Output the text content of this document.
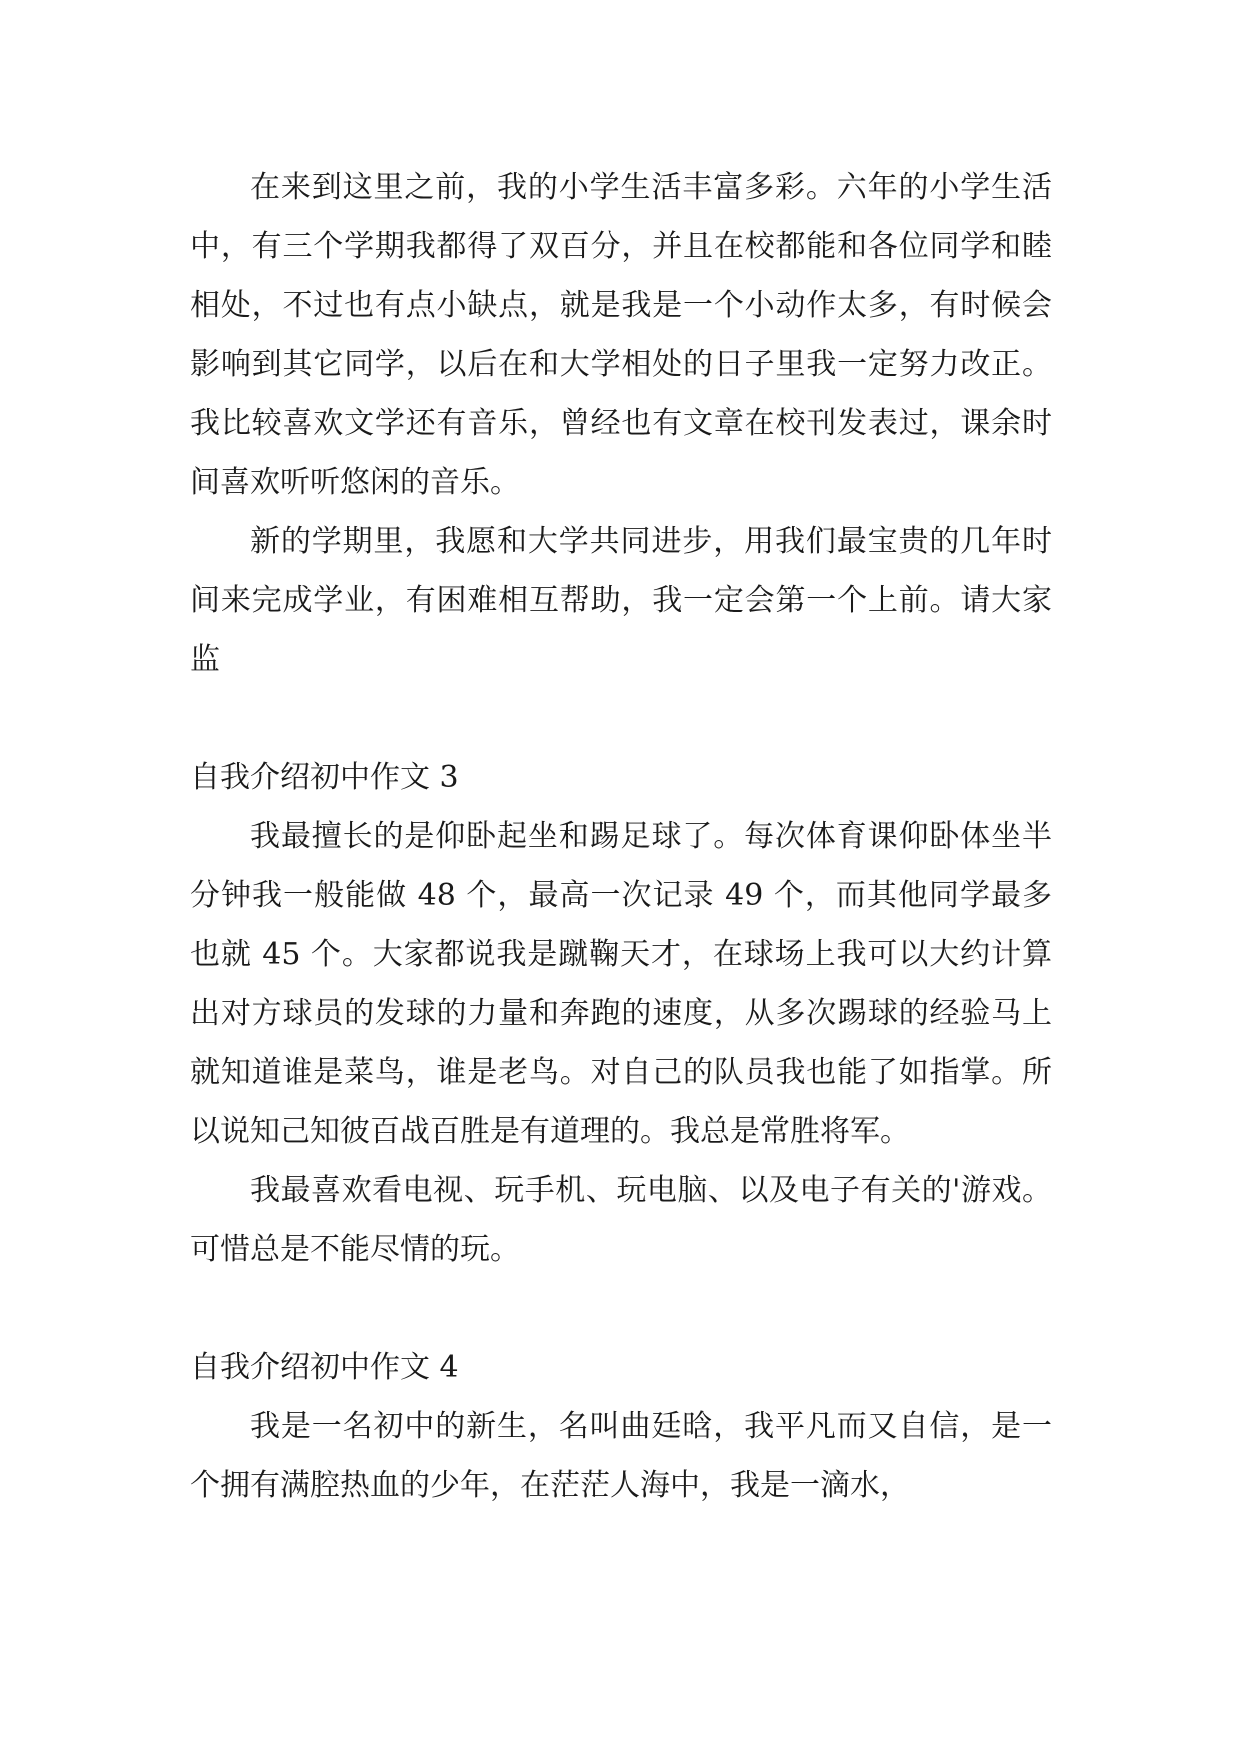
在来到这里之前，我的小学生活丰富多彩。六年的小学生活中，有三个学期我都得了双百分，并且在校都能和各位同学和睦相处，不过也有点小缺点，就是我是一个小动作太多，有时候会影响到其它同学，以后在和大学相处的日子里我一定努力改正。我比较喜欢文学还有音乐，曾经也有文章在校刊发表过，课余时间喜欢听听悠闲的音乐。

新的学期里，我愿和大学共同进步，用我们最宝贵的几年时间来完成学业，有困难相互帮助，我一定会第一个上前。请大家监

自我介绍初中作文 3

我最擅长的是仰卧起坐和踢足球了。每次体育课仰卧体坐半分钟我一般能做 48 个，最高一次记录 49 个，而其他同学最多也就 45 个。大家都说我是蹴鞠天才，在球场上我可以大约计算出对方球员的发球的力量和奔跑的速度，从多次踢球的经验马上就知道谁是菜鸟，谁是老鸟。对自己的队员我也能了如指掌。所以说知己知彼百战百胜是有道理的。我总是常胜将军。

我最喜欢看电视、玩手机、玩电脑、以及电子有关的'游戏。可惜总是不能尽情的玩。

自我介绍初中作文 4

我是一名初中的新生，名叫曲廷晗，我平凡而又自信，是一个拥有满腔热血的少年，在茫茫人海中，我是一滴水，
